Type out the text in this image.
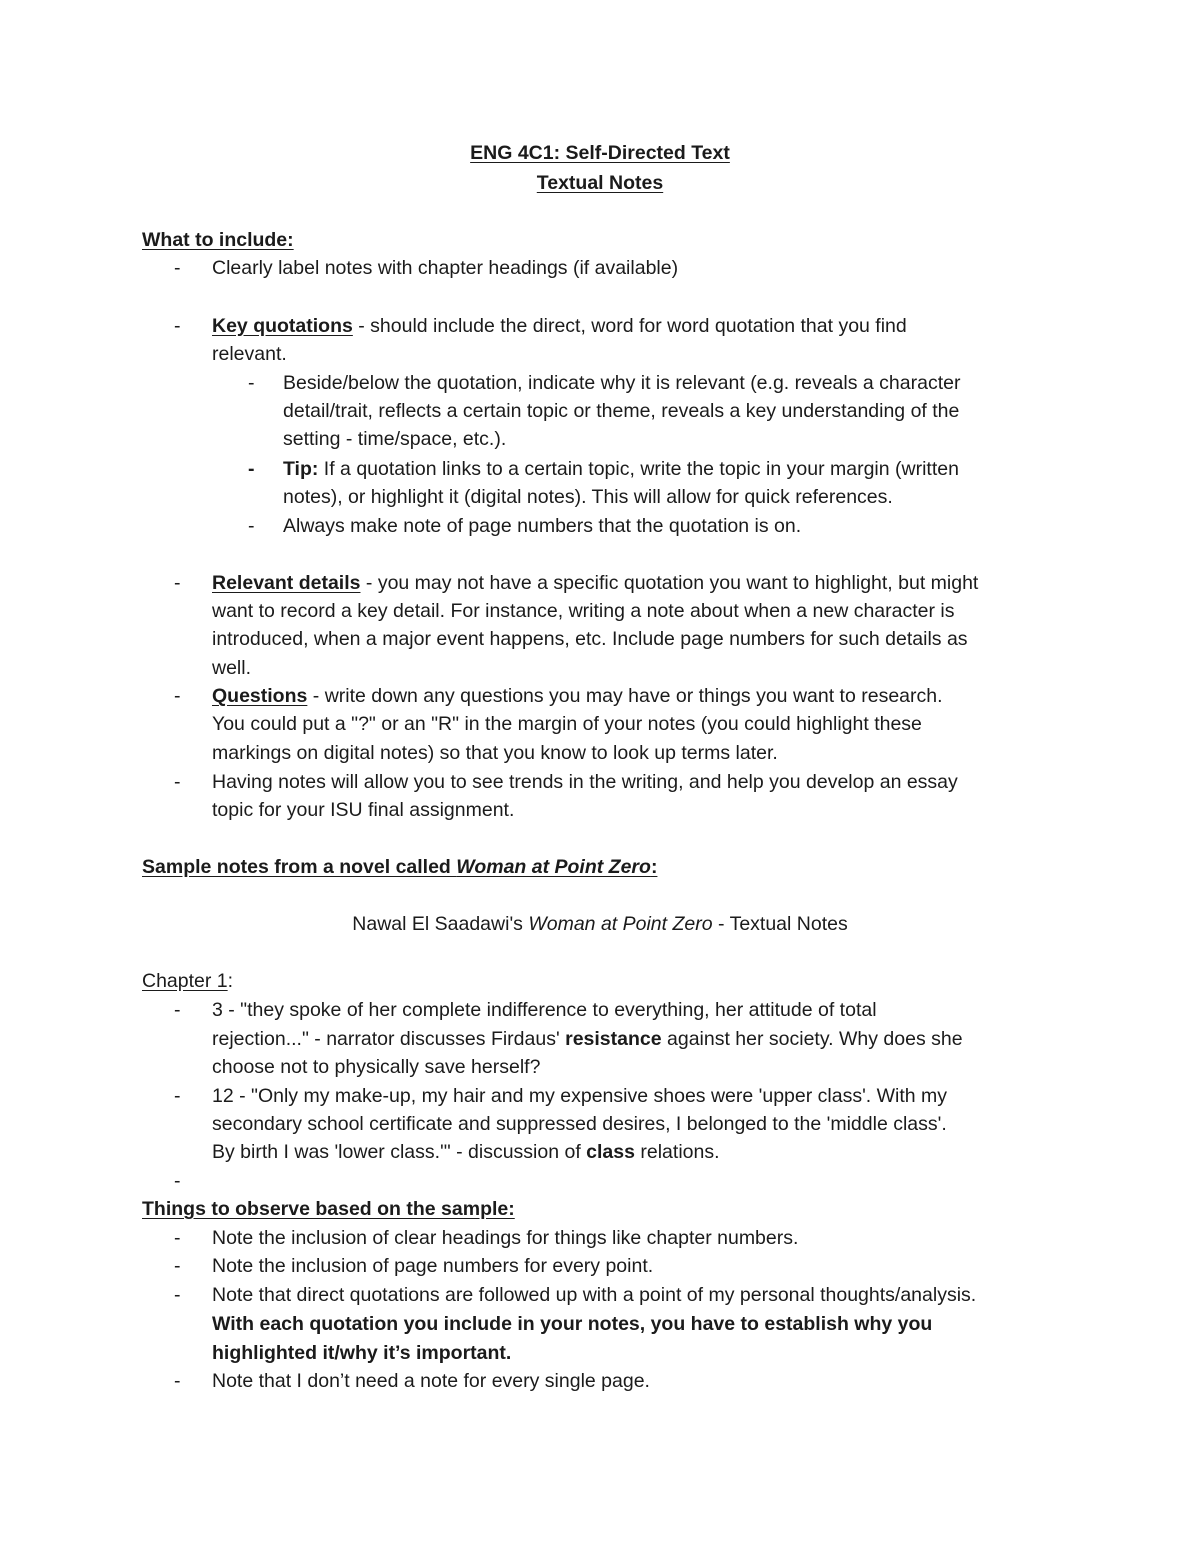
ENG 4C1: Self-Directed Text
Textual Notes
What to include:
-	Clearly label notes with chapter headings (if available)
-	Key quotations - should include the direct, word for word quotation that you find
relevant.
-	Beside/below the quotation, indicate why it is relevant (e.g. reveals a character
detail/trait, reflects a certain topic or theme, reveals a key understanding of the
setting - time/space, etc.).
-	Tip: If a quotation links to a certain topic, write the topic in your margin (written
notes), or highlight it (digital notes). This will allow for quick references.
-	Always make note of page numbers that the quotation is on.
-	Relevant details - you may not have a specific quotation you want to highlight, but might
want to record a key detail. For instance, writing a note about when a new character is
introduced, when a major event happens, etc. Include page numbers for such details as
well.
-	Questions - write down any questions you may have or things you want to research.
You could put a "?" or an "R" in the margin of your notes (you could highlight these
markings on digital notes) so that you know to look up terms later.
-	Having notes will allow you to see trends in the writing, and help you develop an essay
topic for your ISU final assignment.
Sample notes from a novel called Woman at Point Zero:
Nawal El Saadawi's Woman at Point Zero - Textual Notes
Chapter 1:
-	3 - "they spoke of her complete indifference to everything, her attitude of total
rejection..." - narrator discusses Firdaus' resistance against her society. Why does she
choose not to physically save herself?
-	12 - "Only my make-up, my hair and my expensive shoes were 'upper class'. With my
secondary school certificate and suppressed desires, I belonged to the 'middle class'.
By birth I was 'lower class.'" - discussion of class relations.
-
Things to observe based on the sample:
-	Note the inclusion of clear headings for things like chapter numbers.
-	Note the inclusion of page numbers for every point.
-	Note that direct quotations are followed up with a point of my personal thoughts/analysis.
With each quotation you include in your notes, you have to establish why you
highlighted it/why it’s important.
-	Note that I don’t need a note for every single page.
